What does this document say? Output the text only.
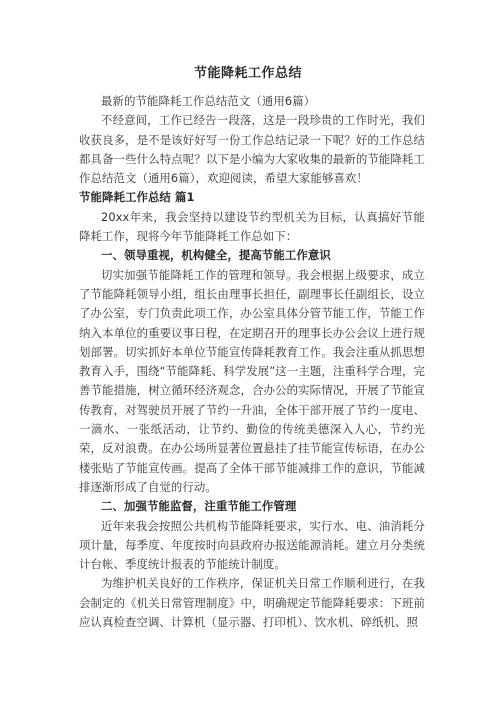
节能降耗工作总结

最新的节能降耗工作总结范文（通用6篇）

不经意间，工作已经告一段落，这是一段珍贵的工作时光，我们收获良多，是不是该好好写一份工作总结记录一下呢？好的工作总结都具备一些什么特点呢？以下是小编为大家收集的最新的节能降耗工作总结范文（通用6篇），欢迎阅读，希望大家能够喜欢！

节能降耗工作总结 篇1

20xx年来，我会坚持以建设节约型机关为目标，认真搞好节能降耗工作，现将今年节能降耗工作总如下：

一、领导重视，机构健全，提高节能工作意识

切实加强节能降耗工作的管理和领导。我会根据上级要求，成立了节能降耗领导小组，组长由理事长担任，副理事长任副组长，设立了办公室，专门负责此项工作，办公室具体分管节能工作，节能工作纳入本单位的重要议事日程，在定期召开的理事长办公会议上进行规划部署。切实抓好本单位节能宣传降耗教育工作。我会注重从抓思想教育入手，围绕“节能降耗、科学发展”这一主题，注重科学合理，完善节能措施，树立循环经济观念，合办公的实际情况，开展了节能宣传教育，对驾驶员开展了节约一升油，全体干部开展了节约一度电、一滴水、一张纸活动，让节约、勤俭的传统美德深入人心，节约光荣，反对浪费。在办公场所显著位置悬挂了挂节能宣传标语，在办公楼张贴了节能宣传画。提高了全体干部节能减排工作的意识，节能减排逐渐形成了自觉的行动。

二、加强节能监督，注重节能工作管理

近年来我会按照公共机构节能降耗要求，实行水、电、油消耗分项计量，每季度、年度按时向县政府办报送能源消耗。建立月分类统计台帐、季度统计报表的节能统计制度。

为维护机关良好的工作秩序，保证机关日常工作顺利进行，在我会制定的《机关日常管理制度》中，明确规定节能降耗要求：下班前应认真检查空调、计算机（显示器、打印机）、饮水机、碎纸机、照
